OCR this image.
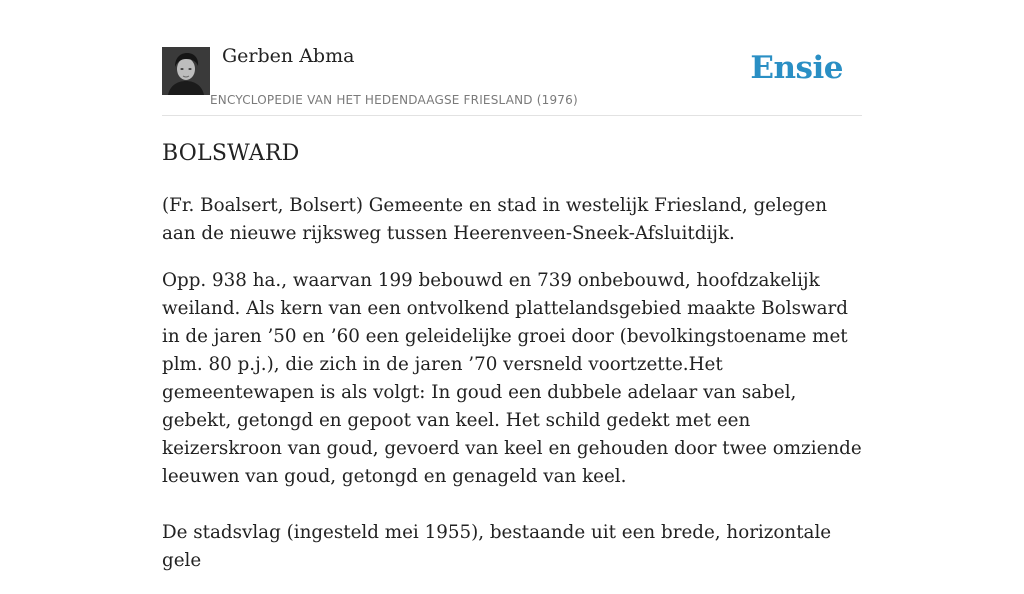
Gerben Abma
ENCYCLOPEDIE VAN HET HEDENDAAGSE FRIESLAND (1976)
Ensie
BOLSWARD

(Fr. Boalsert, Bolsert) Gemeente en stad in westelijk Friesland, gelegen aan de nieuwe rijksweg tussen Heerenveen-Sneek-Afsluitdijk.

Opp. 938 ha., waarvan 199 bebouwd en 739 onbebouwd, hoofdzakelijk weiland. Als kern van een ontvolkend plattelandsgebied maakte Bolsward in de jaren ’50 en ’60 een geleidelijke groei door (bevolkingstoename met plm. 80 p.j.), die zich in de jaren ’70 versneld voortzette.Het gemeentewapen is als volgt: In goud een dubbele adelaar van sabel, gebekt, getongd en gepoot van keel. Het schild gedekt met een keizerskroon van goud, gevoerd van keel en gehouden door twee omziende leeuwen van goud, getongd en genageld van keel.

De stadsvlag (ingesteld mei 1955), bestaande uit een brede, horizontale gele
